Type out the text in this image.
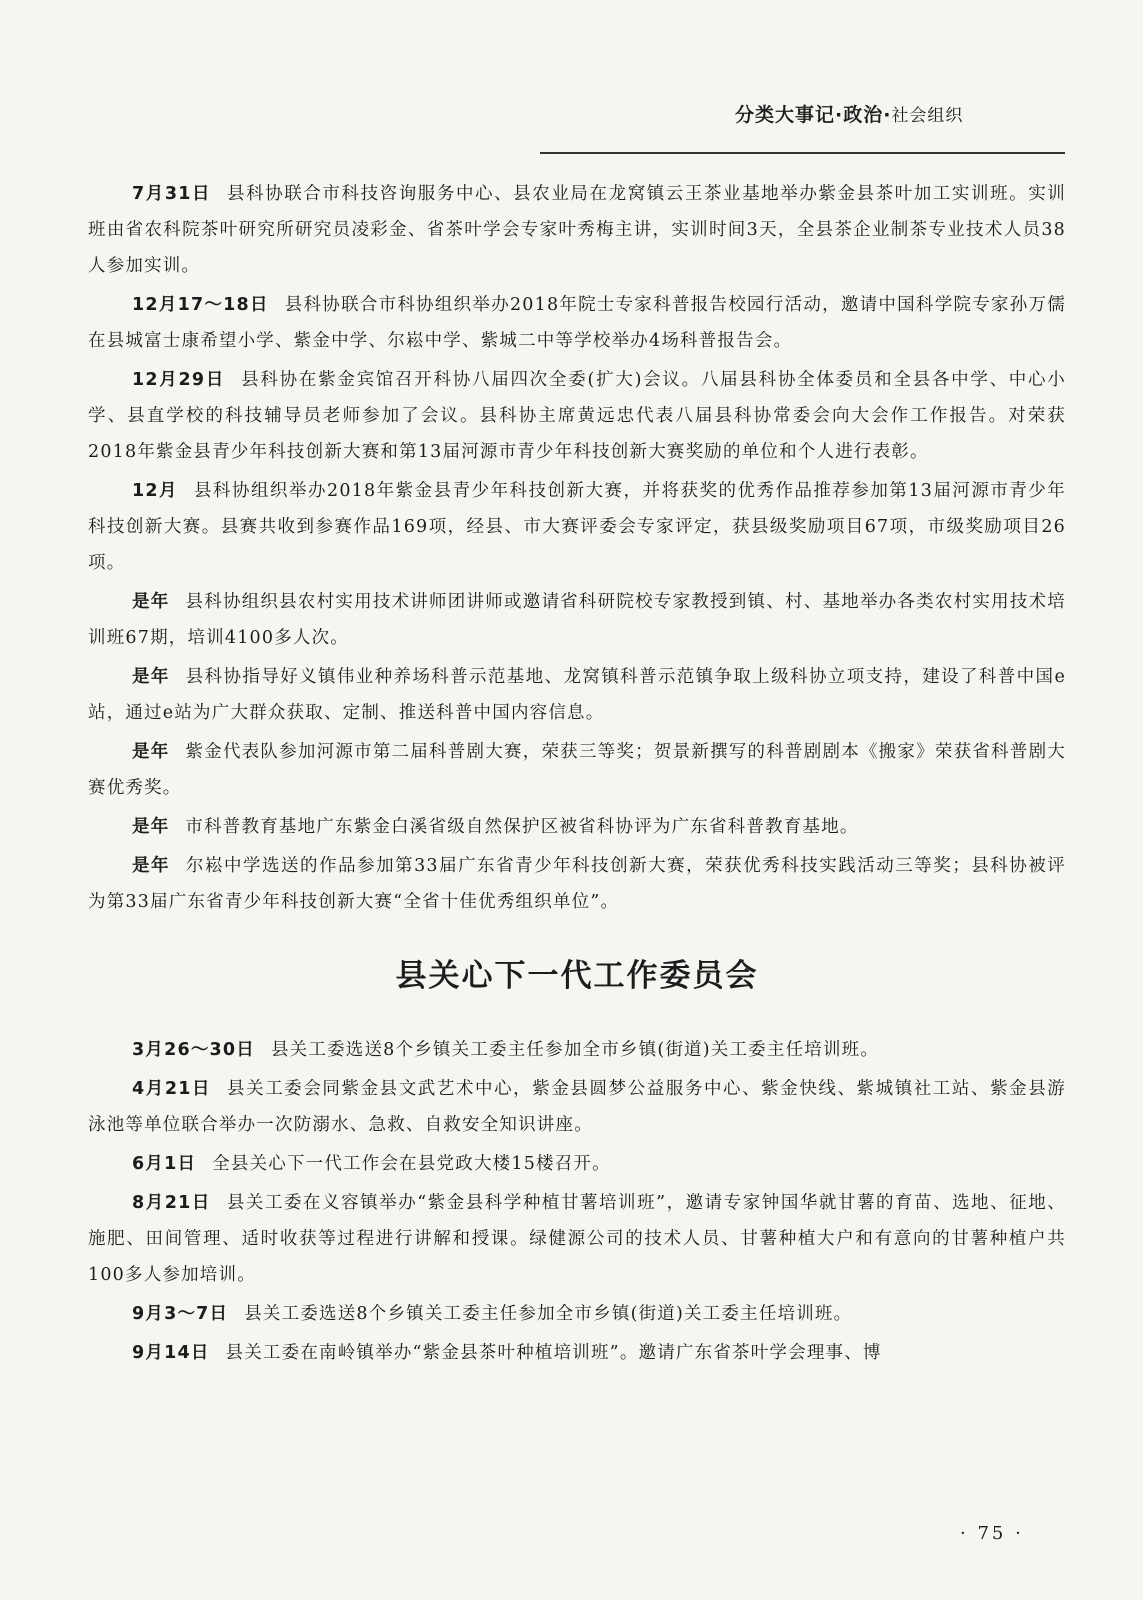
分类大事记·政治·社会组织

7月31日 县科协联合市科技咨询服务中心、县农业局在龙窝镇云王茶业基地举办紫金县茶叶加工实训班。实训班由省农科院茶叶研究所研究员凌彩金、省茶叶学会专家叶秀梅主讲，实训时间3天，全县茶企业制茶专业技术人员38人参加实训。

12月17～18日 县科协联合市科协组织举办2018年院士专家科普报告校园行活动，邀请中国科学院专家孙万儒在县城富士康希望小学、紫金中学、尔崧中学、紫城二中等学校举办4场科普报告会。

12月29日 县科协在紫金宾馆召开科协八届四次全委(扩大)会议。八届县科协全体委员和全县各中学、中心小学、县直学校的科技辅导员老师参加了会议。县科协主席黄远忠代表八届县科协常委会向大会作工作报告。对荣获2018年紫金县青少年科技创新大赛和第13届河源市青少年科技创新大赛奖励的单位和个人进行表彰。

12月 县科协组织举办2018年紫金县青少年科技创新大赛，并将获奖的优秀作品推荐参加第13届河源市青少年科技创新大赛。县赛共收到参赛作品169项，经县、市大赛评委会专家评定，获县级奖励项目67项，市级奖励项目26项。

是年 县科协组织县农村实用技术讲师团讲师或邀请省科研院校专家教授到镇、村、基地举办各类农村实用技术培训班67期，培训4100多人次。

是年 县科协指导好义镇伟业种养场科普示范基地、龙窝镇科普示范镇争取上级科协立项支持，建设了科普中国e站，通过e站为广大群众获取、定制、推送科普中国内容信息。

是年 紫金代表队参加河源市第二届科普剧大赛，荣获三等奖；贺景新撰写的科普剧剧本《搬家》荣获省科普剧大赛优秀奖。

是年 市科普教育基地广东紫金白溪省级自然保护区被省科协评为广东省科普教育基地。

是年 尔崧中学选送的作品参加第33届广东省青少年科技创新大赛，荣获优秀科技实践活动三等奖；县科协被评为第33届广东省青少年科技创新大赛“全省十佳优秀组织单位”。

县关心下一代工作委员会

3月26～30日 县关工委选送8个乡镇关工委主任参加全市乡镇(街道)关工委主任培训班。

4月21日 县关工委会同紫金县文武艺术中心，紫金县圆梦公益服务中心、紫金快线、紫城镇社工站、紫金县游泳池等单位联合举办一次防溺水、急救、自救安全知识讲座。

6月1日 全县关心下一代工作会在县党政大楼15楼召开。

8月21日 县关工委在义容镇举办“紫金县科学种植甘薯培训班”，邀请专家钟国华就甘薯的育苗、选地、征地、施肥、田间管理、适时收获等过程进行讲解和授课。绿健源公司的技术人员、甘薯种植大户和有意向的甘薯种植户共100多人参加培训。

9月3～7日 县关工委选送8个乡镇关工委主任参加全市乡镇(街道)关工委主任培训班。

9月14日 县关工委在南岭镇举办“紫金县茶叶种植培训班”。邀请广东省茶叶学会理事、博

· 75 ·
